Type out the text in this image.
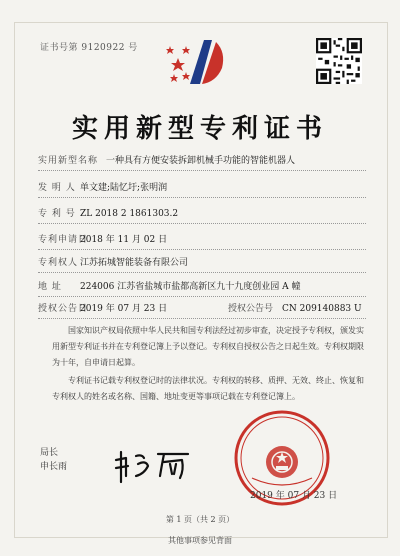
证书号第 9120922 号
实用新型专利证书
实用新型名称 一种具有方便安装拆卸机械手功能的智能机器人
发 明 人 单文建;陆忆圩;张明润
专 利 号 ZL 2018 2 1861303.2
专利申请日
2018 年 11 月 02 日
专利权人 江苏拓城智能装备有限公司
地 址 224006 江苏省盐城市盐都高新区九十九度创业园 A 幢
授权公告日
2019 年 07 月 23 日	授权公告号 CN 209140883 U

国家知识产权局依照中华人民共和国专利法经过初步审查，决定授予专利权，颁发实用新型专利证书并在专利登记簿上予以登记。专利权自授权公告之日起生效。专利权期限为十年，自申请日起算。

专利证书记载专利权登记时的法律状况。专利权的转移、质押、无效、终止、恢复和专利权人的姓名或名称、国籍、地址变更等事项记载在专利登记簿上。

局长
申长雨
2019 年 07 月 23 日
第 1 页（共 2 页）
其他事项参见背面
